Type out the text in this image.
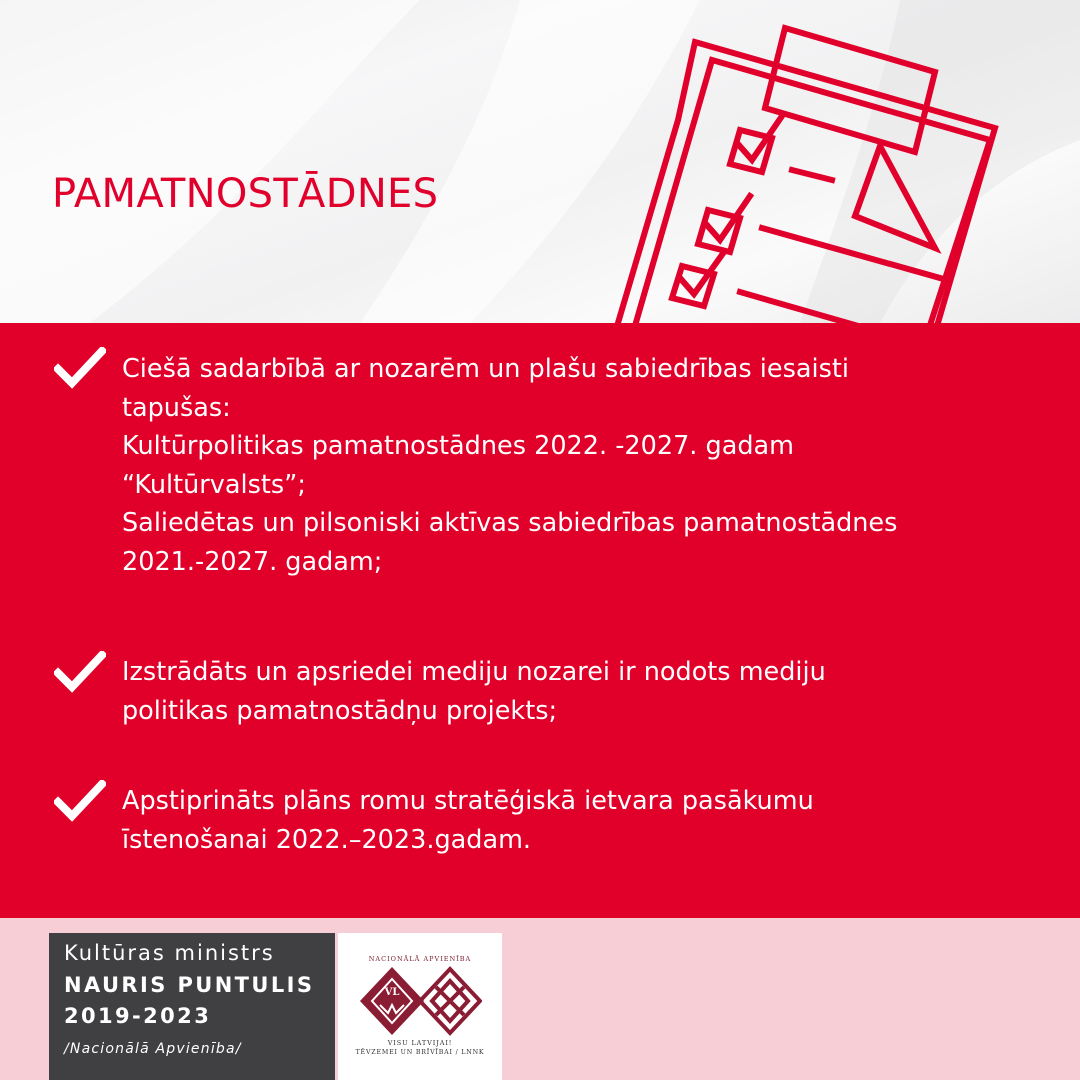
PAMATNOSTĀDNES
Ciešā sadarbībā ar nozarēm un plašu sabiedrības iesaisti
tapušas:
Kultūrpolitikas pamatnostādnes 2022. -2027. gadam
“Kultūrvalsts”;
Saliedētas un pilsoniski aktīvas sabiedrības pamatnostādnes
2021.-2027. gadam;
Izstrādāts un apsriedei mediju nozarei ir nodots mediju
politikas pamatnostādņu projekts;
Apstiprināts plāns romu stratēģiskā ietvara pasākumu
īstenošanai 2022.–2023.gadam.
Kultūras ministrs
NAURIS PUNTULIS
2019-2023
/Nacionālā Apvienība/
NACIONĀLĀ APVIENĪBA
VL
VISU LATVIJAI!
TĒVZEMEI UN BRĪVĪBAI / LNNK
